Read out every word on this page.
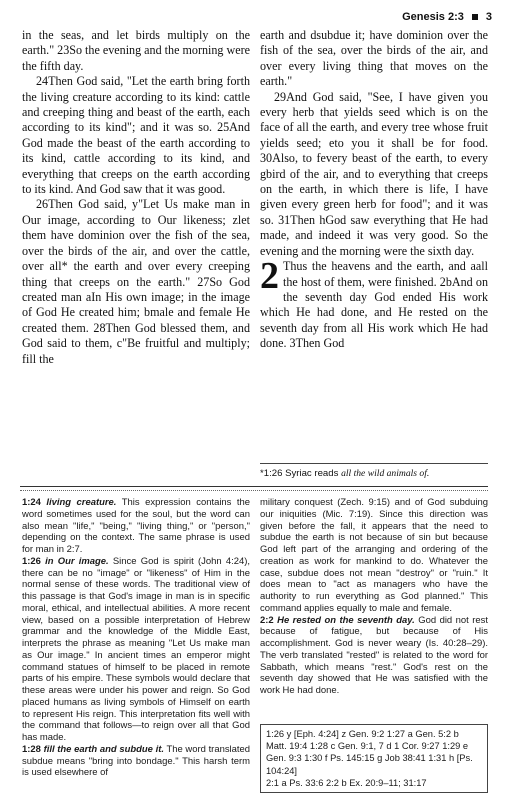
Genesis 2:3 3

in the seas, and let birds multiply on the earth." 23So the evening and the morning were the fifth day.

24Then God said, "Let the earth bring forth the living creature according to its kind: cattle and creeping thing and beast of the earth, each according to its kind"; and it was so. 25And God made the beast of the earth according to its kind, cattle according to its kind, and everything that creeps on the earth according to its kind. And God saw that it was good.

26Then God said, y"Let Us make man in Our image, according to Our likeness; zlet them have dominion over the fish of the sea, over the birds of the air, and over the cattle, over all* the earth and over every creeping thing that creeps on the earth." 27So God created man aIn His own image; in the image of God He created him; bmale and female He created them. 28Then God blessed them, and God said to them, c"Be fruitful and multiply; fill the

earth and dsubdue it; have dominion over the fish of the sea, over the birds of the air, and over every living thing that moves on the earth."

29And God said, "See, I have given you every herb that yields seed which is on the face of all the earth, and every tree whose fruit yields seed; eto you it shall be for food. 30Also, to fevery beast of the earth, to every gbird of the air, and to everything that creeps on the earth, in which there is life, I have given every green herb for food"; and it was so. 31Then hGod saw everything that He had made, and indeed it was very good. So the evening and the morning were the sixth day.

2 Thus the heavens and the earth, and aall the host of them, were finished. 2bAnd on the seventh day God ended His work which He had done, and He rested on the seventh day from all His work which He had done. 3Then God

*1:26 Syriac reads all the wild animals of.

1:24 living creature. This expression contains the word sometimes used for the soul, but the word can also mean "life," "being," "living thing," or "person," depending on the context. The same phrase is used for man in 2:7.

1:26 in Our image. Since God is spirit (John 4:24), there can be no "image" or "likeness" of Him in the normal sense of these words. The traditional view of this passage is that God's image in man is in specific moral, ethical, and intellectual abilities. A more recent view, based on a possible interpretation of Hebrew grammar and the knowledge of the Middle East, interprets the phrase as meaning "Let Us make man as Our image." In ancient times an emperor might command statues of himself to be placed in remote parts of his empire. These symbols would declare that these areas were under his power and reign. So God placed humans as living symbols of Himself on earth to represent His reign. This interpretation fits well with the command that follows—to reign over all that God has made.

1:28 fill the earth and subdue it. The word translated subdue means "bring into bondage." This harsh term is used elsewhere of

military conquest (Zech. 9:15) and of God subduing our iniquities (Mic. 7:19). Since this direction was given before the fall, it appears that the need to subdue the earth is not because of sin but because God left part of the arranging and ordering of the creation as work for mankind to do. Whatever the case, subdue does not mean "destroy" or "ruin." It does mean to "act as managers who have the authority to run everything as God planned." This command applies equally to male and female.

2:2 He rested on the seventh day. God did not rest because of fatigue, but because of His accomplishment. God is never weary (Is. 40:28–29). The verb translated "rested" is related to the word for Sabbath, which means "rest." God's rest on the seventh day showed that He was satisfied with the work He had done.

1:26 y [Eph. 4:24] z Gen. 9:2 1:27 a Gen. 5:2 b Matt. 19:4 1:28 c Gen. 9:1, 7 d 1 Cor. 9:27 1:29 e Gen. 9:3 1:30 f Ps. 145:15 g Job 38:41 1:31 h [Ps. 104:24]

2:1 a Ps. 33:6 2:2 b Ex. 20:9–11; 31:17
